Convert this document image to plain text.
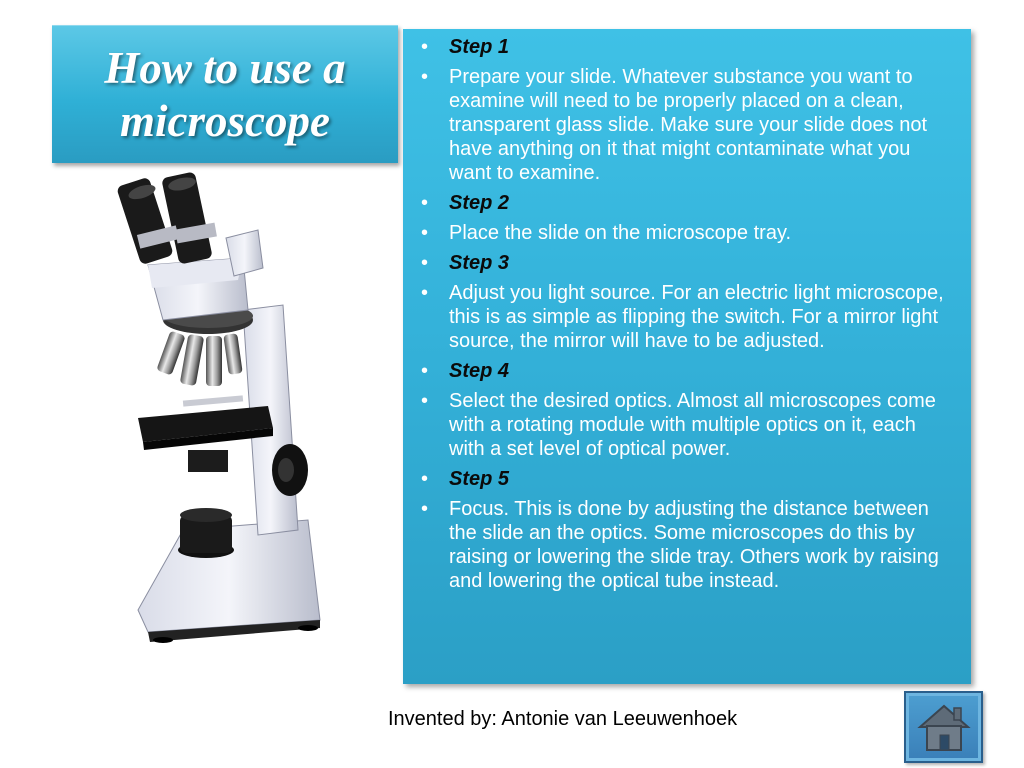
How to use a microscope
•	Step 1
•	Prepare your slide. Whatever substance you want to examine will need to be properly placed on a clean, transparent glass slide. Make sure your slide does not have anything on it that might contaminate what you want to examine.
•	Step 2
•	Place the slide on the microscope tray.
•	Step 3
•	Adjust you light source. For an electric light microscope, this is as simple as flipping the switch. For a mirror light source, the mirror will have to be adjusted.
•	Step 4
•	Select the desired optics. Almost all microscopes come with a rotating module with multiple optics on it, each with a set level of optical power.
•	Step 5
•	Focus. This is done by adjusting the distance between the slide an the optics. Some microscopes do this by raising or lowering the slide tray. Others work by raising and lowering the optical tube instead.
Invented by: Antonie van Leeuwenhoek
